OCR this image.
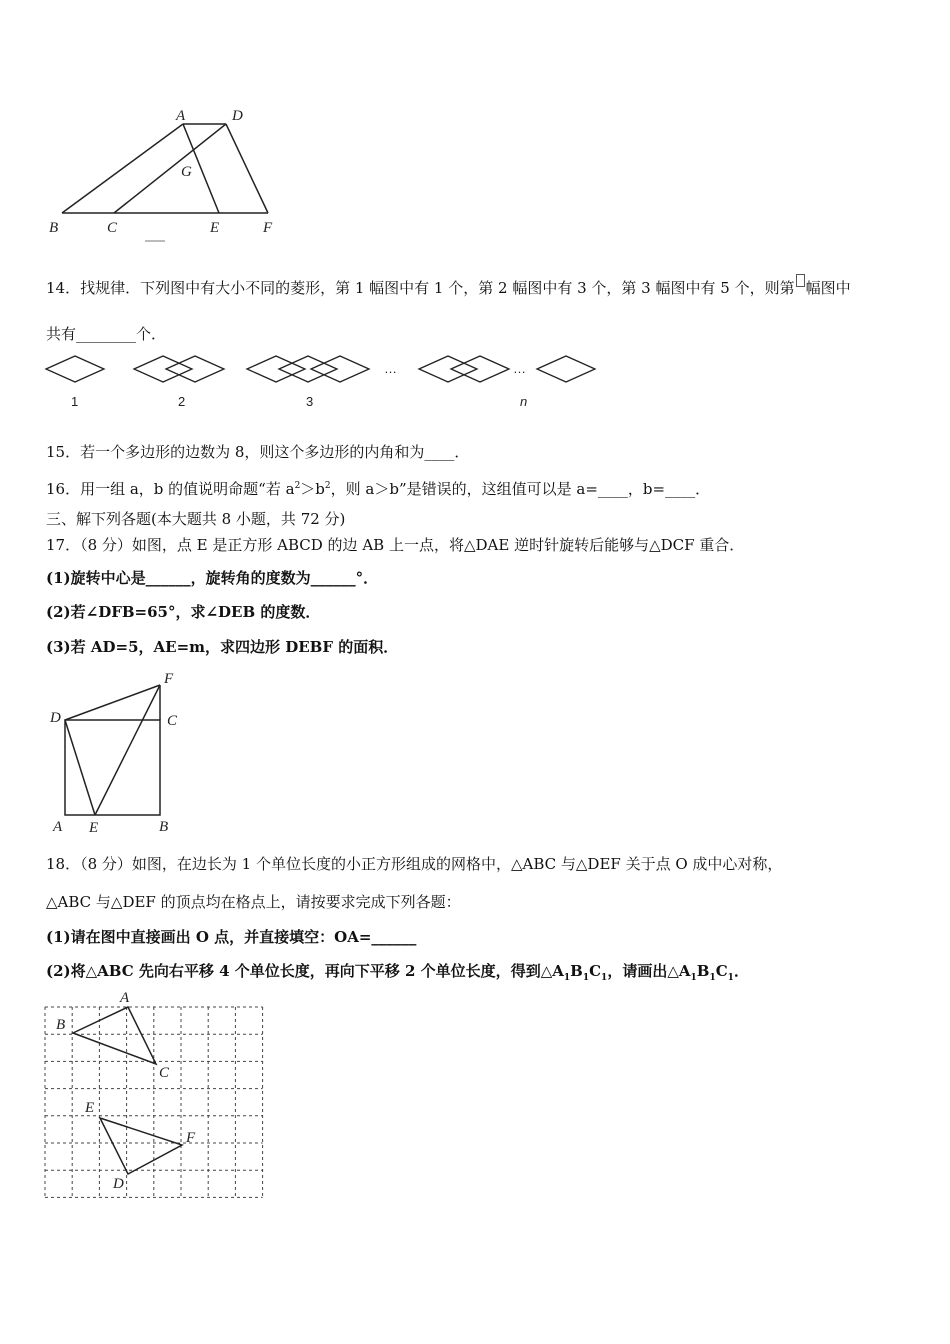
A	D
G
B	C	E	F
14．找规律．下列图中有大小不同的菱形，第 1 幅图中有 1 个，第 2 幅图中有 3 个，第 3 幅图中有 5 个，则第 幅图中
共有________个．
…	…
1	2	3	n
15．若一个多边形的边数为 8，则这个多边形的内角和为____．
16．用一组 a，b 的值说明命题“若 $a^2>b^2$，则 a＞b”是错误的，这组值可以是 a=____，b=____．
三、解下列各题(本大题共 8 小题，共 72 分)
17．（8 分）如图，点 E 是正方形 ABCD 的边 AB 上一点，将△DAE 逆时针旋转后能够与△DCF 重合．
(1)旋转中心是______，旋转角的度数为______°．
(2)若∠DFB=65°，求∠DEB 的度数．
(3)若 AD=5，AE=m，求四边形 DEBF 的面积．
F
D	C
A E	B
18．（8 分）如图，在边长为 1 个单位长度的小正方形组成的网格中，△ABC 与△DEF 关于点 O 成中心对称，
△ABC 与△DEF 的顶点均在格点上，请按要求完成下列各题：
(1)请在图中直接画出 O 点，并直接填空：OA=______
(2)将△ABC 先向右平移 4 个单位长度，再向下平移 2 个单位长度，得到$\triangle A_1B_1C_1$，请画出$\triangle A_1B_1C_1$．
A
B
C
E
F
D
